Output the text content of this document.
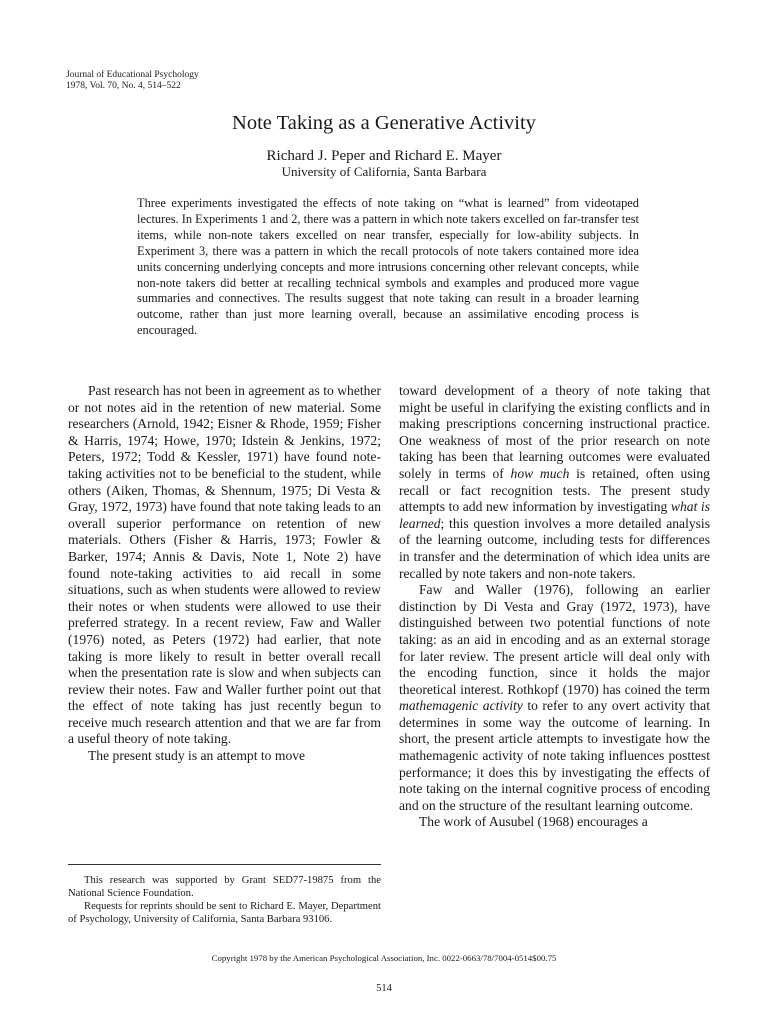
Journal of Educational Psychology
1978, Vol. 70, No. 4, 514–522
Note Taking as a Generative Activity
Richard J. Peper and Richard E. Mayer
University of California, Santa Barbara

Three experiments investigated the effects of note taking on “what is learned” from videotaped lectures. In Experiments 1 and 2, there was a pattern in which note takers excelled on far-transfer test items, while non-note takers excelled on near transfer, especially for low-ability subjects. In Experiment 3, there was a pattern in which the recall protocols of note takers contained more idea units concerning underlying concepts and more intrusions concerning other relevant concepts, while non-note takers did better at recalling technical symbols and examples and produced more vague summaries and connectives. The results suggest that note taking can result in a broader learning outcome, rather than just more learning overall, because an assimilative encoding process is encouraged.

Past research has not been in agreement as to whether or not notes aid in the retention of new material. Some researchers (Arnold, 1942; Eisner & Rhode, 1959; Fisher & Harris, 1974; Howe, 1970; Idstein & Jenkins, 1972; Peters, 1972; Todd & Kessler, 1971) have found note-taking activities not to be beneficial to the student, while others (Aiken, Thomas, & Shennum, 1975; Di Vesta & Gray, 1972, 1973) have found that note taking leads to an overall superior performance on retention of new materials. Others (Fisher & Harris, 1973; Fowler & Barker, 1974; Annis & Davis, Note 1, Note 2) have found note-taking activities to aid recall in some situations, such as when students were allowed to review their notes or when students were allowed to use their preferred strategy. In a recent review, Faw and Waller (1976) noted, as Peters (1972) had earlier, that note taking is more likely to result in better overall recall when the presentation rate is slow and when subjects can review their notes. Faw and Waller further point out that the effect of note taking has just recently begun to receive much research attention and that we are far from a useful theory of note taking.

The present study is an attempt to move

toward development of a theory of note taking that might be useful in clarifying the existing conflicts and in making prescriptions concerning instructional practice. One weakness of most of the prior research on note taking has been that learning outcomes were evaluated solely in terms of how much is retained, often using recall or fact recognition tests. The present study attempts to add new information by investigating what is learned; this question involves a more detailed analysis of the learning outcome, including tests for differences in transfer and the determination of which idea units are recalled by note takers and non-note takers.

Faw and Waller (1976), following an earlier distinction by Di Vesta and Gray (1972, 1973), have distinguished between two potential functions of note taking: as an aid in encoding and as an external storage for later review. The present article will deal only with the encoding function, since it holds the major theoretical interest. Rothkopf (1970) has coined the term mathemagenic activity to refer to any overt activity that determines in some way the outcome of learning. In short, the present article attempts to investigate how the mathemagenic activity of note taking influences posttest performance; it does this by investigating the effects of note taking on the internal cognitive process of encoding and on the structure of the resultant learning outcome.

The work of Ausubel (1968) encourages a

This research was supported by Grant SED77-19875 from the National Science Foundation.

Requests for reprints should be sent to Richard E. Mayer, Department of Psychology, University of California, Santa Barbara 93106.

Copyright 1978 by the American Psychological Association, Inc. 0022-0663/78/7004-0514$00.75
514
